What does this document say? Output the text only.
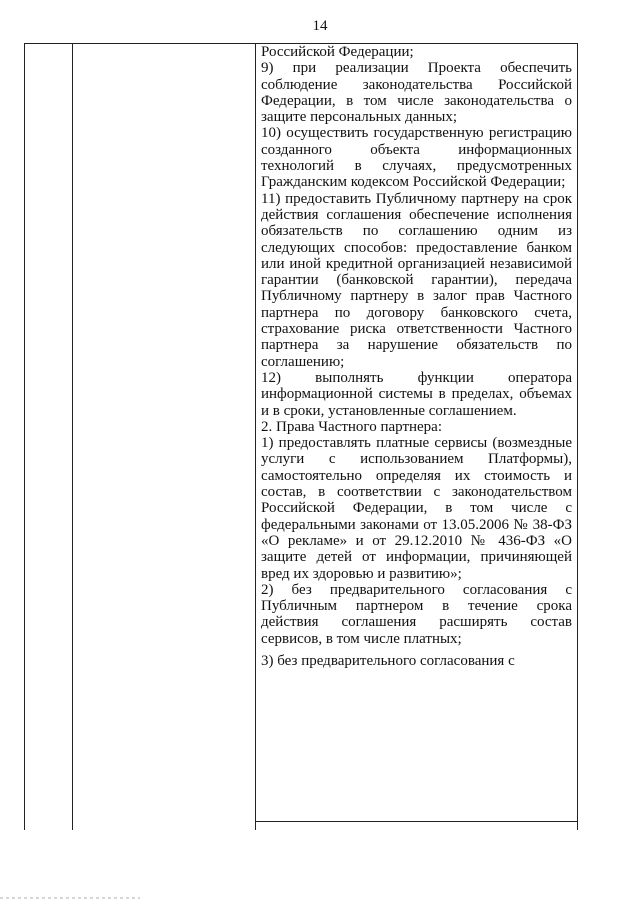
14

Российской Федерации;

9) при реализации Проекта обеспечить соблюдение законодательства Российской Федерации, в том числе законодательства о защите персональных данных;

10) осуществить государственную регистрацию созданного объекта информационных технологий в случаях, предусмотренных Гражданским кодексом Российской Федерации;

11) предоставить Публичному партнеру на срок действия соглашения обеспечение исполнения обязательств по соглашению одним из следующих способов: предоставление банком или иной кредитной организацией независимой гарантии (банковской гарантии), передача Публичному партнеру в залог прав Частного партнера по договору банковского счета, страхование риска ответственности Частного партнера за нарушение обязательств по соглашению;

12) выполнять функции оператора информационной системы в пределах, объемах и в сроки, установленные соглашением.

2. Права Частного партнера:

1) предоставлять платные сервисы (возмездные услуги с использованием Платформы), самостоятельно определяя их стоимость и состав, в соответствии с законодательством Российской Федерации, в том числе с федеральными законами от 13.05.2006 № 38-ФЗ «О рекламе» и от 29.12.2010 № 436-ФЗ «О защите детей от информации, причиняющей вред их здоровью и развитию»;

2) без предварительного согласования с Публичным партнером в течение срока действия соглашения расширять состав сервисов, в том числе платных;

3) без предварительного согласования с
